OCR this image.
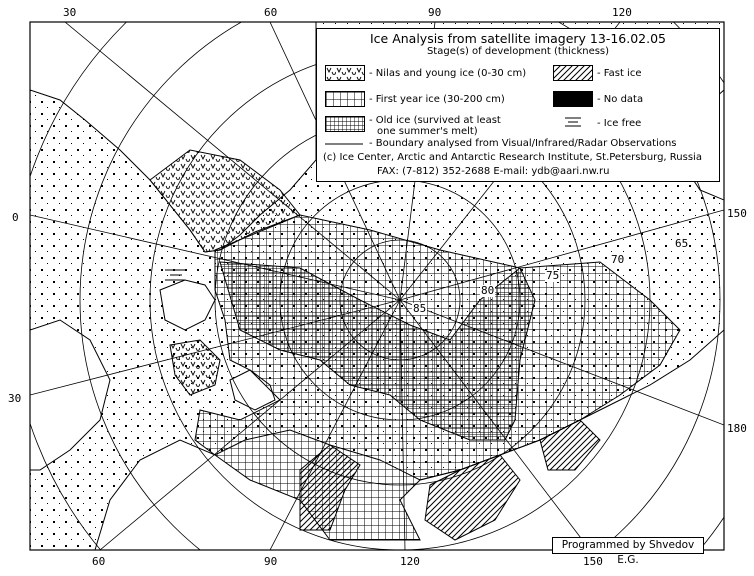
30	60	90	120
60	90	120	150
0
30
150
180
85
80
75
70
65
Ice Analysis from satellite imagery 13-16.02.05
Stage(s) of development (thickness)
- Nilas and young ice (0-30 cm)	- Fast ice
- First year ice (30-200 cm)	- No data
- Old ice (survived at least
one summer's melt)
- Ice free
- Boundary analysed from Visual/Infrared/Radar Observations
(c) Ice Center, Arctic and Antarctic Research Institute, St.Petersburg, Russia
FAX: (7-812) 352-2688 E-mail: ydb@aari.nw.ru
Programmed by Shvedov E.G.
